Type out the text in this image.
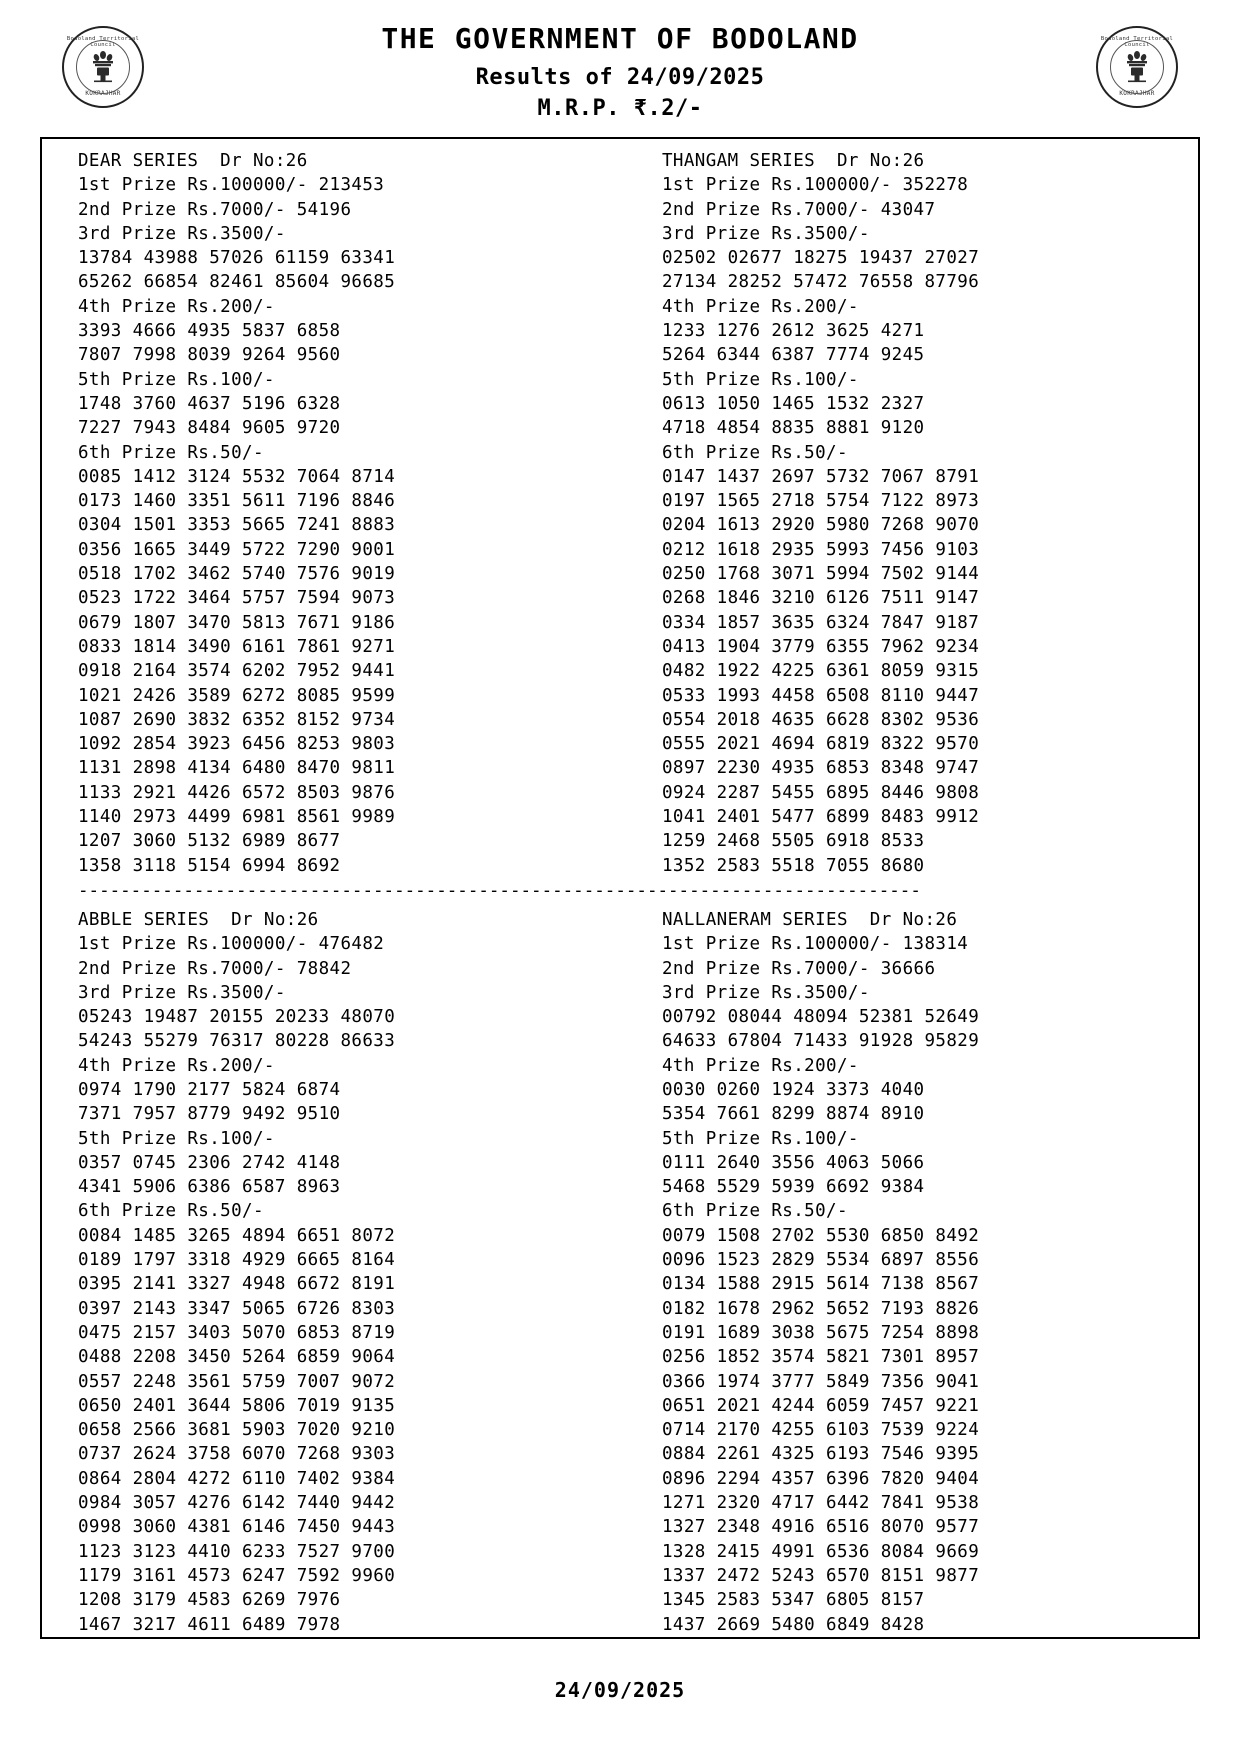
Bodoland Territorial Council
KOKRAJHAR
THE GOVERNMENT OF BODOLAND
Results of 24/09/2025
M.R.P. ₹.2/-
Bodoland Territorial Council
KOKRAJHAR
DEAR SERIES  Dr No:26
1st Prize Rs.100000/- 213453
2nd Prize Rs.7000/- 54196
3rd Prize Rs.3500/-
13784 43988 57026 61159 63341
65262 66854 82461 85604 96685
4th Prize Rs.200/-
3393 4666 4935 5837 6858
7807 7998 8039 9264 9560
5th Prize Rs.100/-
1748 3760 4637 5196 6328
7227 7943 8484 9605 9720
6th Prize Rs.50/-
0085 1412 3124 5532 7064 8714
0173 1460 3351 5611 7196 8846
0304 1501 3353 5665 7241 8883
0356 1665 3449 5722 7290 9001
0518 1702 3462 5740 7576 9019
0523 1722 3464 5757 7594 9073
0679 1807 3470 5813 7671 9186
0833 1814 3490 6161 7861 9271
0918 2164 3574 6202 7952 9441
1021 2426 3589 6272 8085 9599
1087 2690 3832 6352 8152 9734
1092 2854 3923 6456 8253 9803
1131 2898 4134 6480 8470 9811
1133 2921 4426 6572 8503 9876
1140 2973 4499 6981 8561 9989
1207 3060 5132 6989 8677
1358 3118 5154 6994 8692
THANGAM SERIES  Dr No:26
1st Prize Rs.100000/- 352278
2nd Prize Rs.7000/- 43047
3rd Prize Rs.3500/-
02502 02677 18275 19437 27027
27134 28252 57472 76558 87796
4th Prize Rs.200/-
1233 1276 2612 3625 4271
5264 6344 6387 7774 9245
5th Prize Rs.100/-
0613 1050 1465 1532 2327
4718 4854 8835 8881 9120
6th Prize Rs.50/-
0147 1437 2697 5732 7067 8791
0197 1565 2718 5754 7122 8973
0204 1613 2920 5980 7268 9070
0212 1618 2935 5993 7456 9103
0250 1768 3071 5994 7502 9144
0268 1846 3210 6126 7511 9147
0334 1857 3635 6324 7847 9187
0413 1904 3779 6355 7962 9234
0482 1922 4225 6361 8059 9315
0533 1993 4458 6508 8110 9447
0554 2018 4635 6628 8302 9536
0555 2021 4694 6819 8322 9570
0897 2230 4935 6853 8348 9747
0924 2287 5455 6895 8446 9808
1041 2401 5477 6899 8483 9912
1259 2468 5505 6918 8533
1352 2583 5518 7055 8680
--------------------------------------------------------------------------------
ABBLE SERIES  Dr No:26
1st Prize Rs.100000/- 476482
2nd Prize Rs.7000/- 78842
3rd Prize Rs.3500/-
05243 19487 20155 20233 48070
54243 55279 76317 80228 86633
4th Prize Rs.200/-
0974 1790 2177 5824 6874
7371 7957 8779 9492 9510
5th Prize Rs.100/-
0357 0745 2306 2742 4148
4341 5906 6386 6587 8963
6th Prize Rs.50/-
0084 1485 3265 4894 6651 8072
0189 1797 3318 4929 6665 8164
0395 2141 3327 4948 6672 8191
0397 2143 3347 5065 6726 8303
0475 2157 3403 5070 6853 8719
0488 2208 3450 5264 6859 9064
0557 2248 3561 5759 7007 9072
0650 2401 3644 5806 7019 9135
0658 2566 3681 5903 7020 9210
0737 2624 3758 6070 7268 9303
0864 2804 4272 6110 7402 9384
0984 3057 4276 6142 7440 9442
0998 3060 4381 6146 7450 9443
1123 3123 4410 6233 7527 9700
1179 3161 4573 6247 7592 9960
1208 3179 4583 6269 7976
1467 3217 4611 6489 7978
NALLANERAM SERIES  Dr No:26
1st Prize Rs.100000/- 138314
2nd Prize Rs.7000/- 36666
3rd Prize Rs.3500/-
00792 08044 48094 52381 52649
64633 67804 71433 91928 95829
4th Prize Rs.200/-
0030 0260 1924 3373 4040
5354 7661 8299 8874 8910
5th Prize Rs.100/-
0111 2640 3556 4063 5066
5468 5529 5939 6692 9384
6th Prize Rs.50/-
0079 1508 2702 5530 6850 8492
0096 1523 2829 5534 6897 8556
0134 1588 2915 5614 7138 8567
0182 1678 2962 5652 7193 8826
0191 1689 3038 5675 7254 8898
0256 1852 3574 5821 7301 8957
0366 1974 3777 5849 7356 9041
0651 2021 4244 6059 7457 9221
0714 2170 4255 6103 7539 9224
0884 2261 4325 6193 7546 9395
0896 2294 4357 6396 7820 9404
1271 2320 4717 6442 7841 9538
1327 2348 4916 6516 8070 9577
1328 2415 4991 6536 8084 9669
1337 2472 5243 6570 8151 9877
1345 2583 5347 6805 8157
1437 2669 5480 6849 8428
24/09/2025
